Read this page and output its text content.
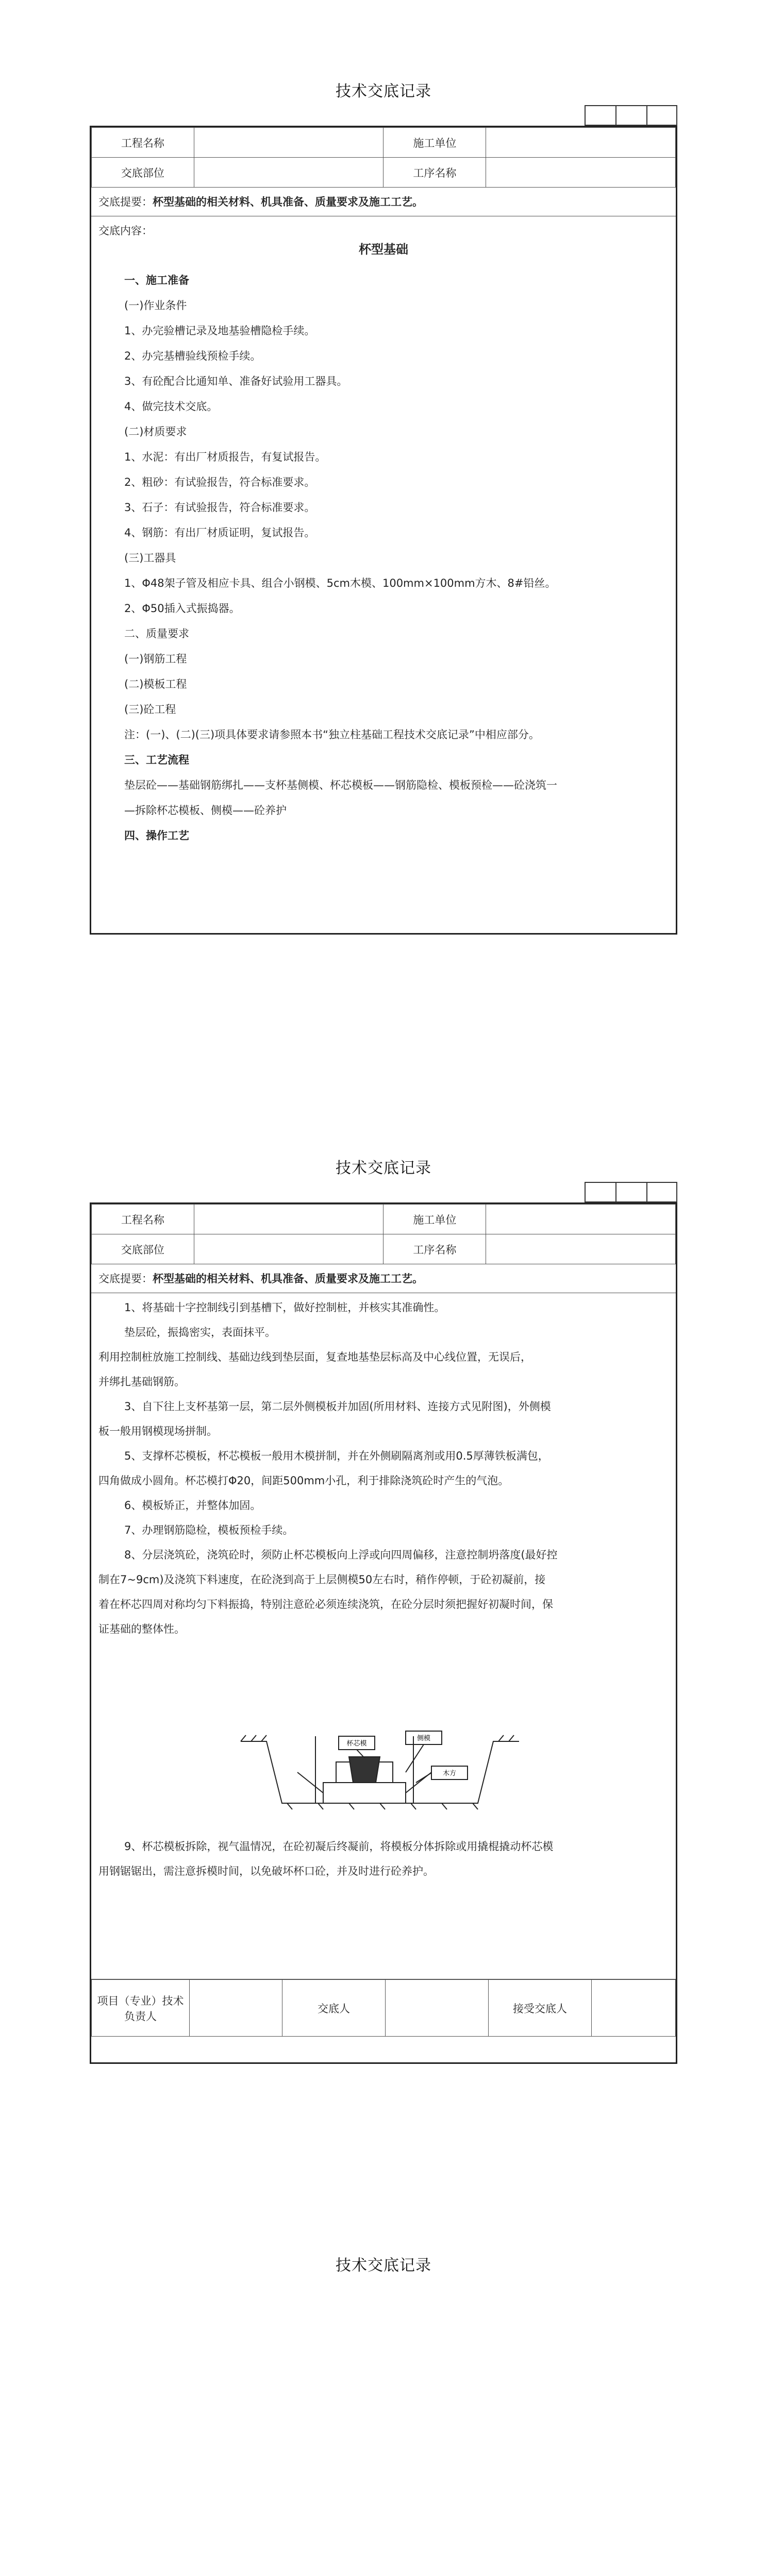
技术交底记录
工程名称		施工单位	
交底部位		工序名称	
交底提要：杯型基础的相关材料、机具准备、质量要求及施工工艺。
交底内容：
杯型基础
一、施工准备
(一)作业条件
1、办完验槽记录及地基验槽隐检手续。
2、办完基槽验线预检手续。
3、有砼配合比通知单、准备好试验用工器具。
4、做完技术交底。
(二)材质要求
1、水泥：有出厂材质报告，有复试报告。
2、粗砂：有试验报告，符合标准要求。
3、石子：有试验报告，符合标准要求。
4、钢筋：有出厂材质证明，复试报告。
(三)工器具
1、Φ48架子管及相应卡具、组合小钢模、5cm木模、100mm×100mm方木、8#铅丝。
2、Φ50插入式振捣器。
二、质量要求
(一)钢筋工程
(二)模板工程
(三)砼工程
注：(一)、(二)(三)项具体要求请参照本书“独立柱基础工程技术交底记录”中相应部分。
三、工艺流程
垫层砼——基础钢筋绑扎——支杯基侧模、杯芯模板——钢筋隐检、模板预检——砼浇筑一
—拆除杯芯模板、侧模——砼养护
四、操作工艺
技术交底记录
工程名称		施工单位	
交底部位		工序名称	
交底提要：杯型基础的相关材料、机具准备、质量要求及施工工艺。
1、将基础十字控制线引到基槽下，做好控制桩，并核实其准确性。
垫层砼，振捣密实，表面抹平。
利用控制桩放施工控制线、基础边线到垫层面，复查地基垫层标高及中心线位置，无误后，
并绑扎基础钢筋。
3、自下往上支杯基第一层，第二层外侧模板并加固(所用材料、连接方式见附图)，外侧模
板一般用钢模现场拼制。
5、支撑杯芯模板，杯芯模板一般用木模拼制，并在外侧刷隔离剂或用0.5厚薄铁板满包，
四角做成小圆角。杯芯模打Φ20，间距500mm小孔，利于排除浇筑砼时产生的气泡。
6、模板矫正，并整体加固。
7、办理钢筋隐检，模板预检手续。
8、分层浇筑砼，浇筑砼时，须防止杯芯模板向上浮或向四周偏移，注意控制坍落度(最好控
制在7~9cm)及浇筑下料速度，在砼浇到高于上层侧模50左右时，稍作停顿，于砼初凝前，接
着在杯芯四周对称均匀下料振捣，特别注意砼必须连续浇筑，在砼分层时须把握好初凝时间，保
证基础的整体性。
杯芯模
侧模
木方
9、杯芯模板拆除，视气温情况，在砼初凝后终凝前，将模板分体拆除或用撬棍撬动杯芯模
用钢锯锯出，需注意拆模时间，以免破坏杯口砼，并及时进行砼养护。
项目（专业）技术负责人		交底人		接受交底人	
技术交底记录
